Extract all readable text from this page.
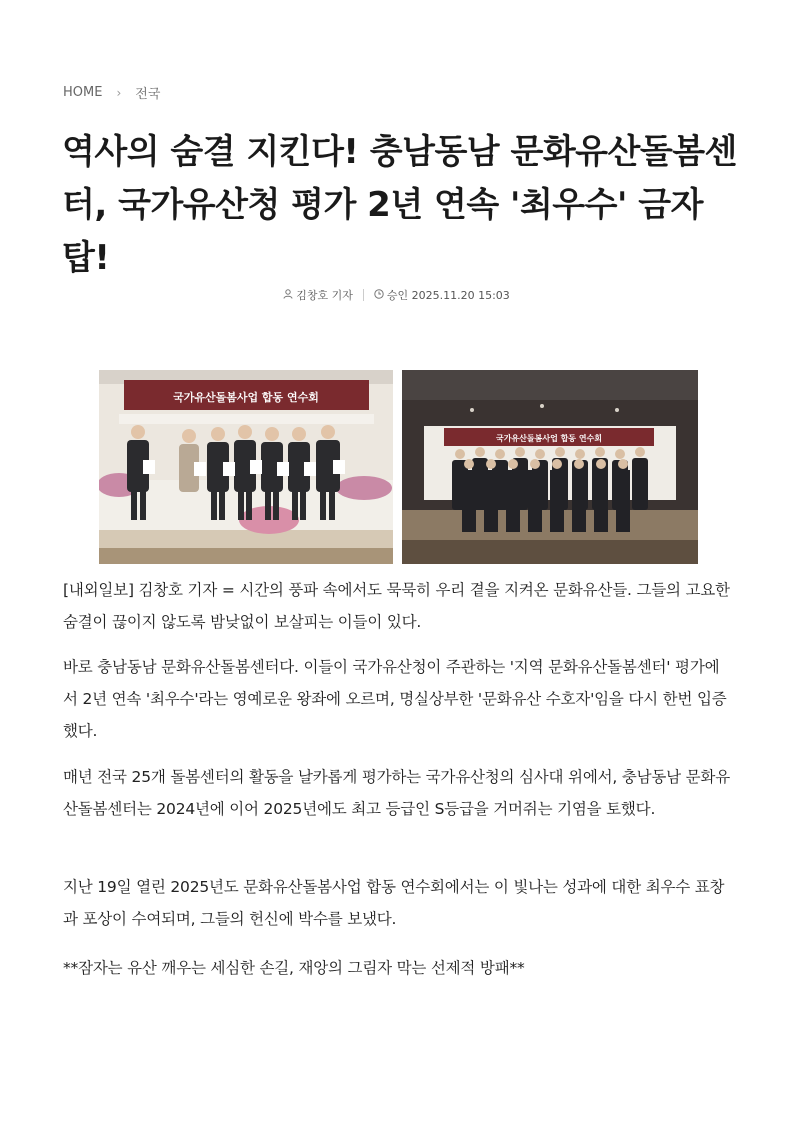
HOME › 전국
역사의 숨결 지킨다! 충남동남 문화유산돌봄센터, 국가유산청 평가 2년 연속 '최우수' 금자탑!
김창호 기자	승인 2025.11.20 15:03
국가유산돌봄사업 합동 연수회
국가유산돌봄사업 합동 연수회

[내외일보] 김창호 기자 = 시간의 풍파 속에서도 묵묵히 우리 곁을 지켜온 문화유산들. 그들의 고요한 숨결이 끊이지 않도록 밤낮없이 보살피는 이들이 있다.

바로 충남동남 문화유산돌봄센터다. 이들이 국가유산청이 주관하는 '지역 문화유산돌봄센터' 평가에서 2년 연속 '최우수'라는 영예로운 왕좌에 오르며, 명실상부한 '문화유산 수호자'임을 다시 한번 입증했다.

매년 전국 25개 돌봄센터의 활동을 날카롭게 평가하는 국가유산청의 심사대 위에서, 충남동남 문화유산돌봄센터는 2024년에 이어 2025년에도 최고 등급인 S등급을 거머쥐는 기염을 토했다.

지난 19일 열린 2025년도 문화유산돌봄사업 합동 연수회에서는 이 빛나는 성과에 대한 최우수 표창과 포상이 수여되며, 그들의 헌신에 박수를 보냈다.

**잠자는 유산 깨우는 세심한 손길, 재앙의 그림자 막는 선제적 방패**
